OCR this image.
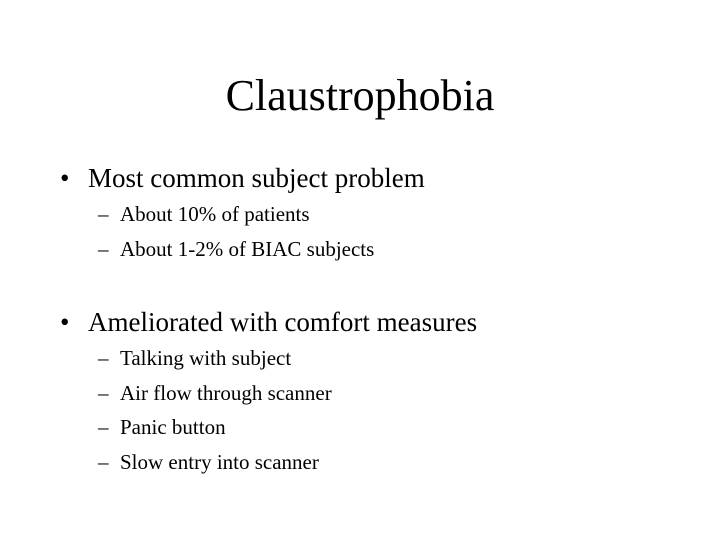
Claustrophobia
• Most common subject problem
– About 10% of patients
– About 1-2% of BIAC subjects
• Ameliorated with comfort measures
– Talking with subject
– Air flow through scanner
– Panic button
– Slow entry into scanner
